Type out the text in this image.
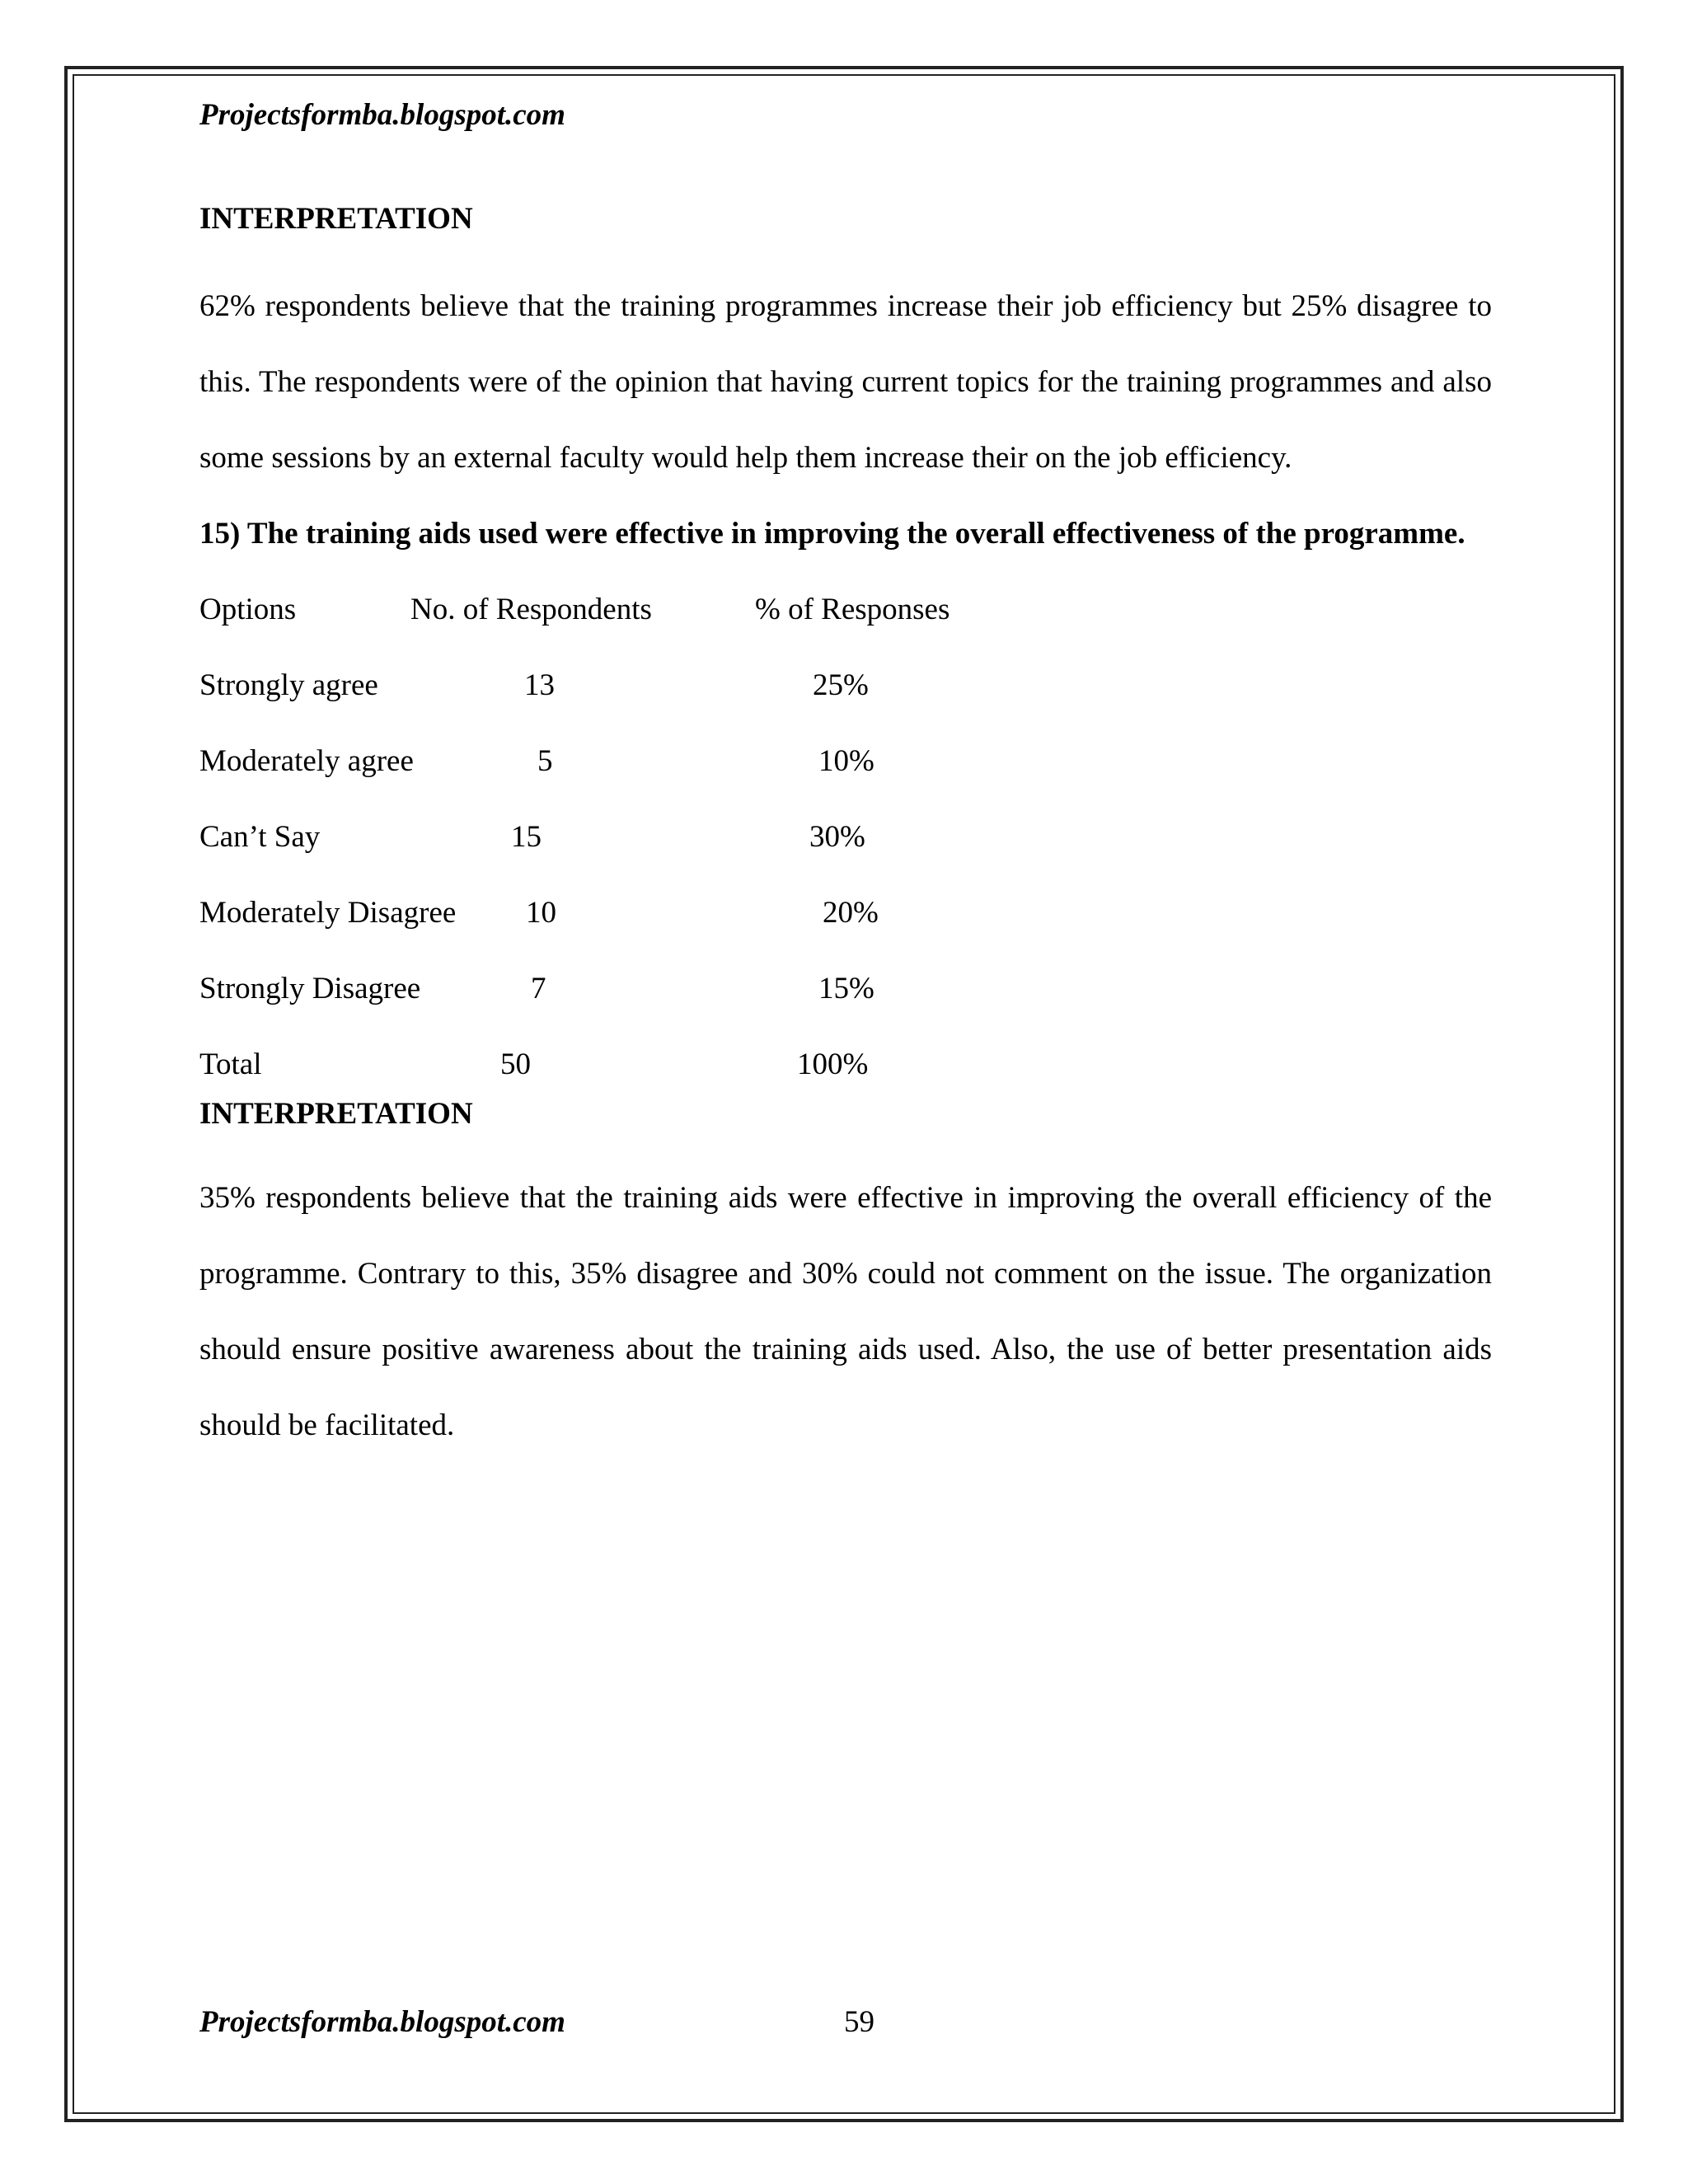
Projectsformba.blogspot.com
INTERPRETATION

62% respondents believe that the training programmes increase their job efficiency but 25% disagree to this. The respondents were of the opinion that having current topics for the training programmes and also some sessions by an external faculty would help them increase their on the job efficiency.

15) The training aids used were effective in improving the overall effectiveness of the programme.

Options	No. of Respondents	% of Responses
Strongly agree	13	25%
Moderately agree	5	10%
Can’t Say	15	30%
Moderately Disagree 10	20%
Strongly Disagree	7	15%
Total	50	100%
INTERPRETATION

35% respondents believe that the training aids were effective in improving the overall efficiency of the programme. Contrary to this, 35% disagree and 30% could not comment on the issue. The organization should ensure positive awareness about the training aids used. Also, the use of better presentation aids should be facilitated.

Projectsformba.blogspot.com	59
